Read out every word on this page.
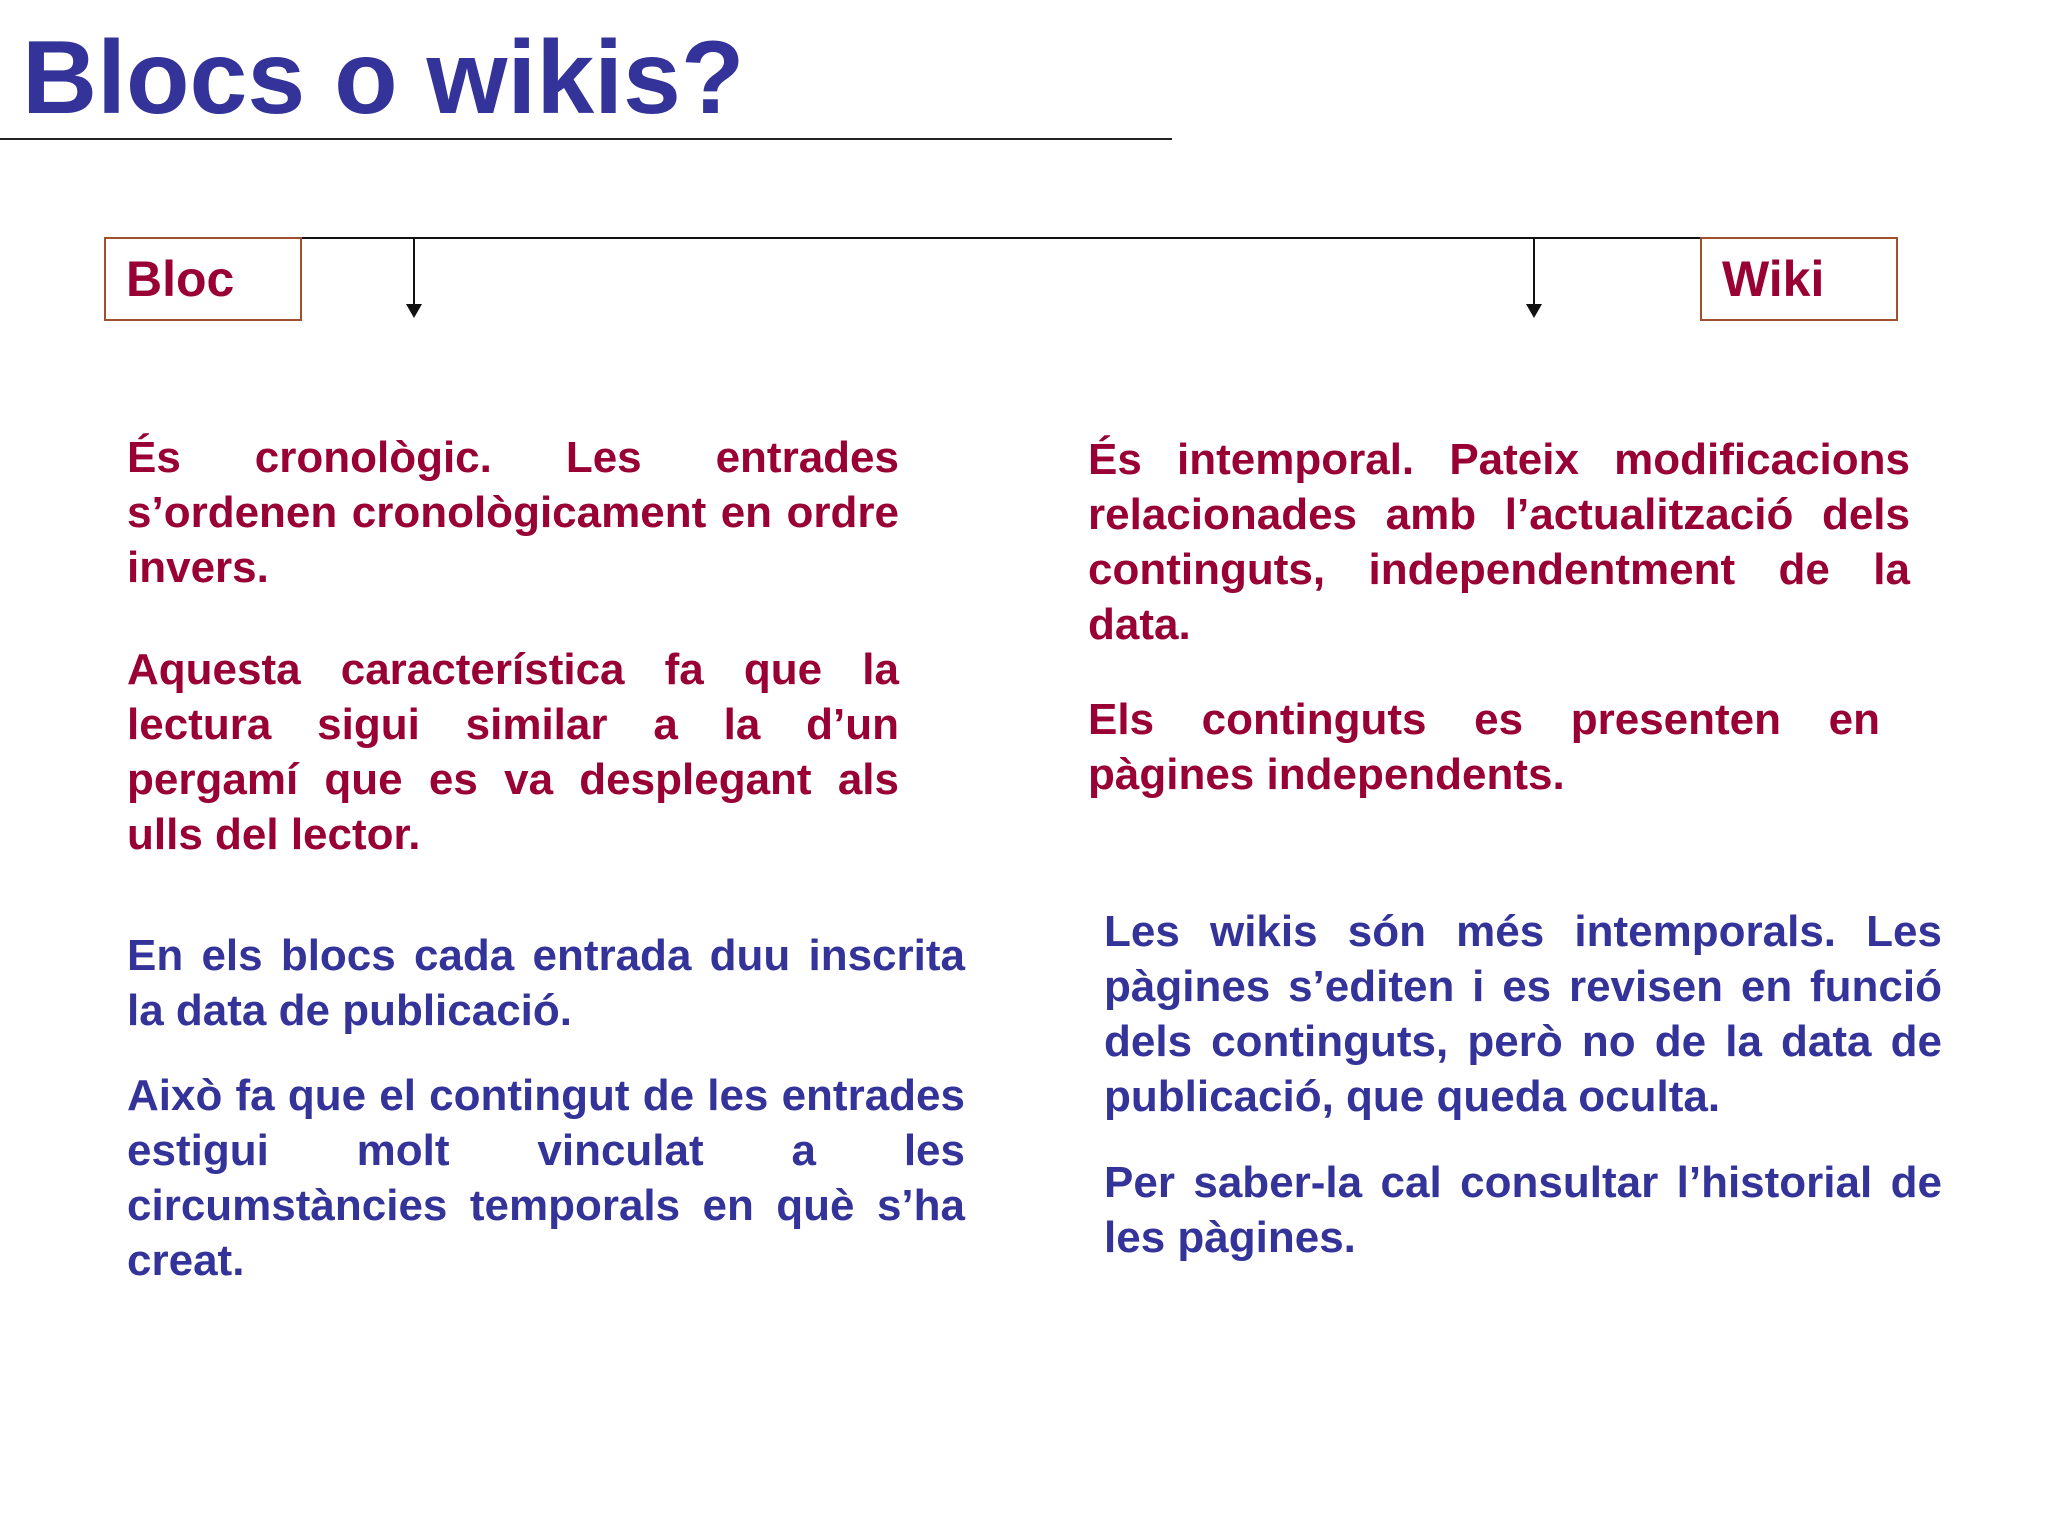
Blocs o wikis?
Bloc	Wiki

És cronològic. Les entrades s’ordenen cronològicament en ordre invers.

Aquesta característica fa que la lectura sigui similar a la d’un pergamí que es va desplegant als ulls del lector.

En els blocs cada entrada duu inscrita la data de publicació.

Això fa que el contingut de les entrades estigui molt vinculat a les circumstàncies temporals en què s’ha creat.

És intemporal. Pateix modificacions relacionades amb l’actualització dels continguts, independentment de la data.

Els continguts es presenten en pàgines independents.

Les wikis són més intemporals. Les pàgines s’editen i es revisen en funció dels continguts, però no de la data de publicació, que queda oculta.

Per saber-la cal consultar l’historial de les pàgines.
